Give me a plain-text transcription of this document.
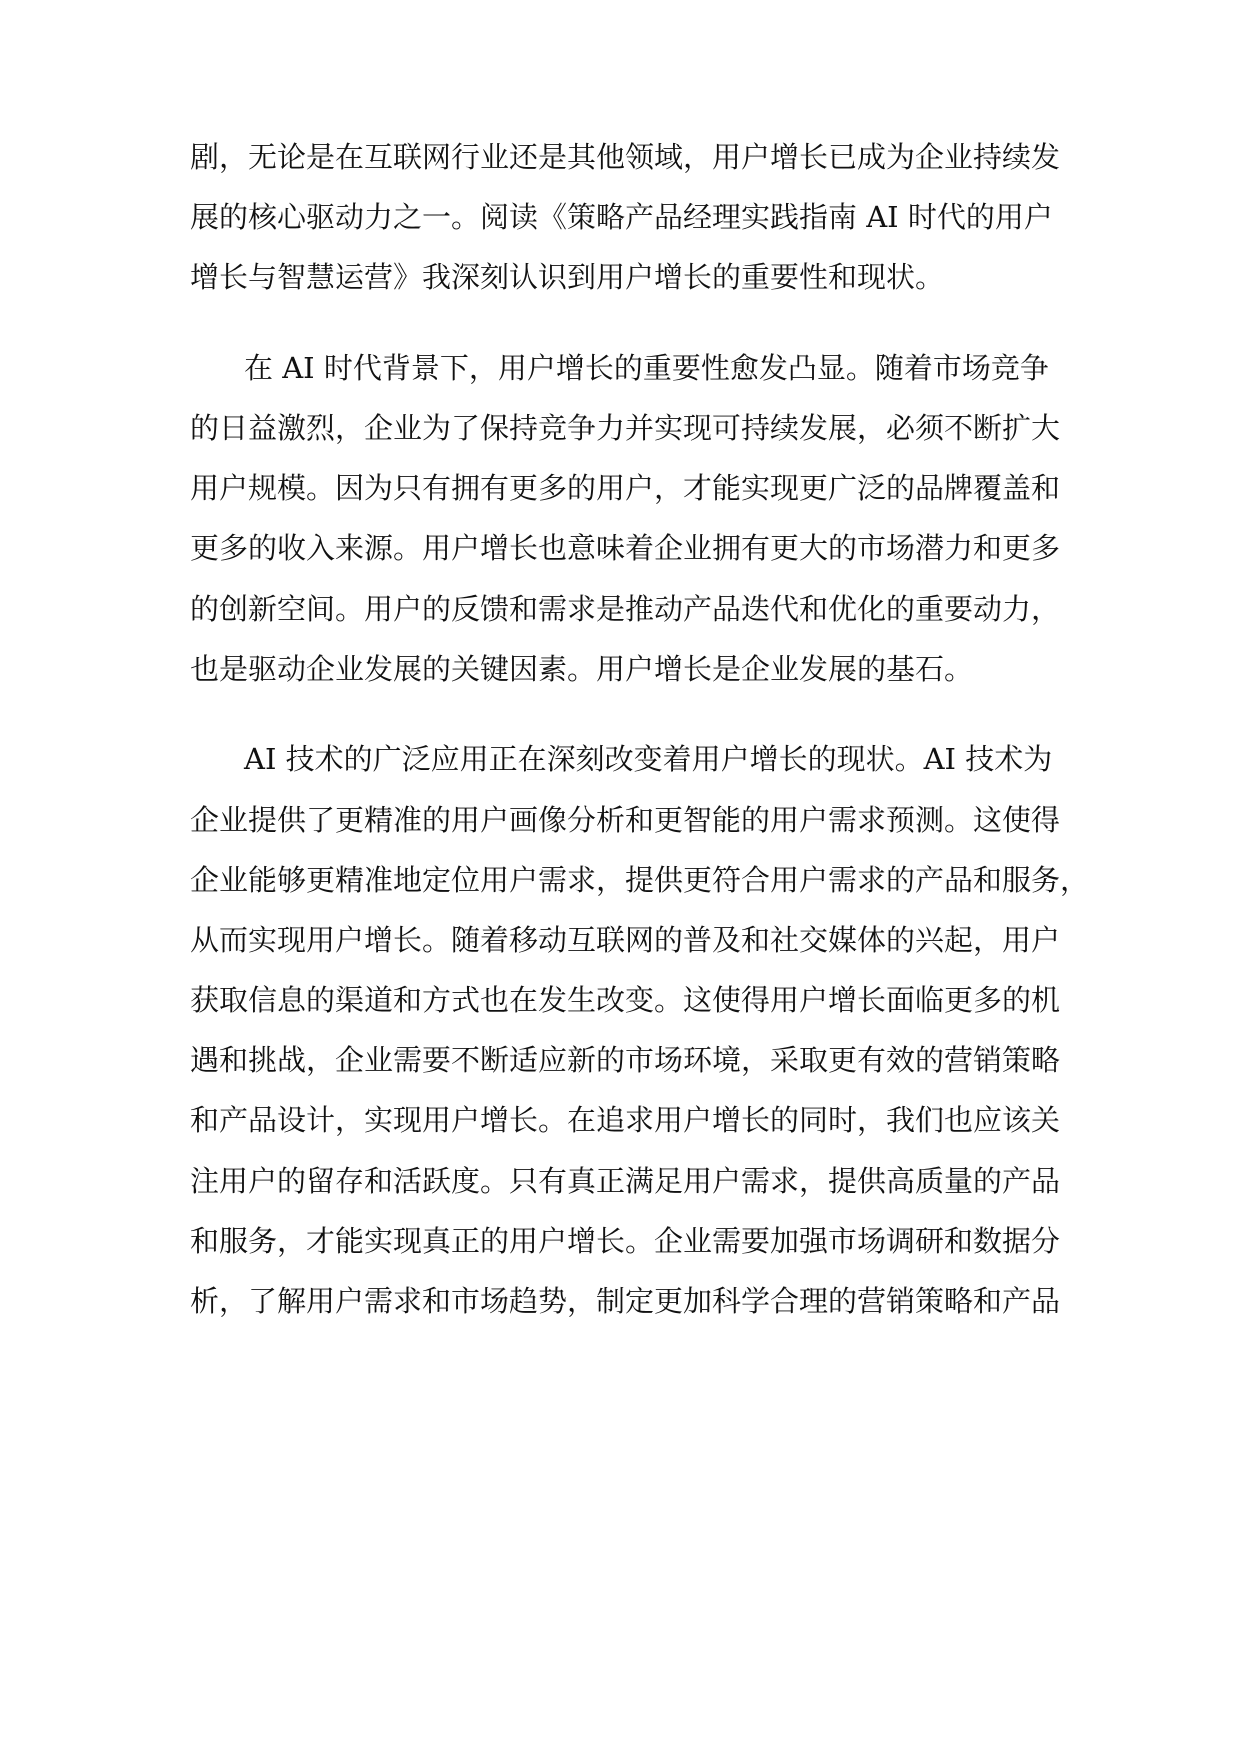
剧，无论是在互联网行业还是其他领域，用户增长已成为企业持续发
展的核心驱动力之一。阅读《策略产品经理实践指南 AI 时代的用户
增长与智慧运营》我深刻认识到用户增长的重要性和现状。
在 AI 时代背景下，用户增长的重要性愈发凸显。随着市场竞争
的日益激烈，企业为了保持竞争力并实现可持续发展，必须不断扩大
用户规模。因为只有拥有更多的用户，才能实现更广泛的品牌覆盖和
更多的收入来源。用户增长也意味着企业拥有更大的市场潜力和更多
的创新空间。用户的反馈和需求是推动产品迭代和优化的重要动力，
也是驱动企业发展的关键因素。用户增长是企业发展的基石。
AI 技术的广泛应用正在深刻改变着用户增长的现状。AI 技术为
企业提供了更精准的用户画像分析和更智能的用户需求预测。这使得
企业能够更精准地定位用户需求，提供更符合用户需求的产品和服务，
从而实现用户增长。随着移动互联网的普及和社交媒体的兴起，用户
获取信息的渠道和方式也在发生改变。这使得用户增长面临更多的机
遇和挑战，企业需要不断适应新的市场环境，采取更有效的营销策略
和产品设计，实现用户增长。在追求用户增长的同时，我们也应该关
注用户的留存和活跃度。只有真正满足用户需求，提供高质量的产品
和服务，才能实现真正的用户增长。企业需要加强市场调研和数据分
析，了解用户需求和市场趋势，制定更加科学合理的营销策略和产品
